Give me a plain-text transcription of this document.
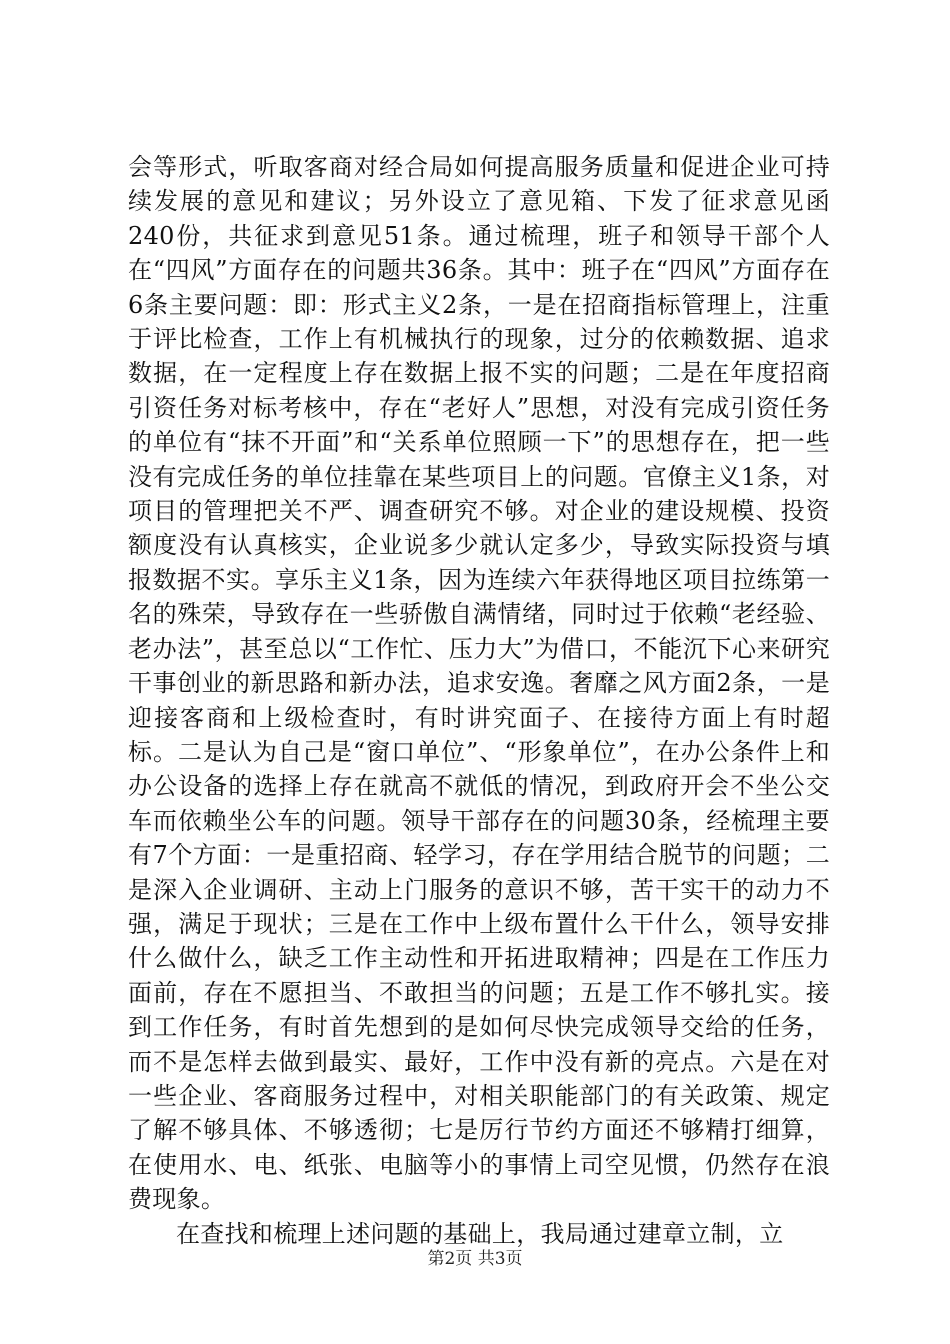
会等形式，听取客商对经合局如何提高服务质量和促进企业可持续发展的意见和建议；另外设立了意见箱、下发了征求意见函240份，共征求到意见51条。通过梳理，班子和领导干部个人在“四风”方面存在的问题共36条。其中：班子在“四风”方面存在6条主要问题：即：形式主义2条，一是在招商指标管理上，注重于评比检查，工作上有机械执行的现象，过分的依赖数据、追求数据，在一定程度上存在数据上报不实的问题；二是在年度招商引资任务对标考核中，存在“老好人”思想，对没有完成引资任务的单位有“抹不开面”和“关系单位照顾一下”的思想存在，把一些没有完成任务的单位挂靠在某些项目上的问题。官僚主义1条，对项目的管理把关不严、调查研究不够。对企业的建设规模、投资额度没有认真核实，企业说多少就认定多少，导致实际投资与填报数据不实。享乐主义1条，因为连续六年获得地区项目拉练第一名的殊荣，导致存在一些骄傲自满情绪，同时过于依赖“老经验、老办法”，甚至总以“工作忙、压力大”为借口，不能沉下心来研究干事创业的新思路和新办法，追求安逸。奢靡之风方面2条，一是迎接客商和上级检查时，有时讲究面子、在接待方面上有时超标。二是认为自己是“窗口单位”、“形象单位”，在办公条件上和办公设备的选择上存在就高不就低的情况，到政府开会不坐公交车而依赖坐公车的问题。领导干部存在的问题30条，经梳理主要有7个方面：一是重招商、轻学习，存在学用结合脱节的问题；二是深入企业调研、主动上门服务的意识不够，苦干实干的动力不强，满足于现状；三是在工作中上级布置什么干什么，领导安排什么做什么，缺乏工作主动性和开拓进取精神；四是在工作压力面前，存在不愿担当、不敢担当的问题；五是工作不够扎实。接到工作任务，有时首先想到的是如何尽快完成领导交给的任务，而不是怎样去做到最实、最好，工作中没有新的亮点。六是在对一些企业、客商服务过程中，对相关职能部门的有关政策、规定了解不够具体、不够透彻；七是厉行节约方面还不够精打细算，在使用水、电、纸张、电脑等小的事情上司空见惯，仍然存在浪费现象。

在查找和梳理上述问题的基础上，我局通过建章立制，立

第2页 共3页
